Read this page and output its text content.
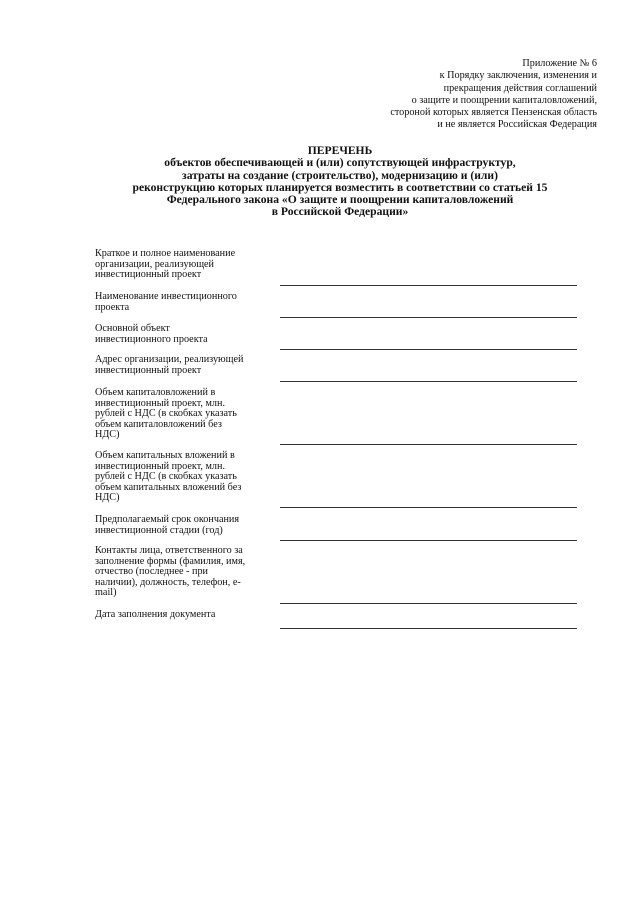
Приложение № 6
к Порядку заключения, изменения и
прекращения действия соглашений
о защите и поощрении капиталовложений,
стороной которых является Пензенская область
и не является Российская Федерация
ПЕРЕЧЕНЬ
объектов обеспечивающей и (или) сопутствующей инфраструктур,
затраты на создание (строительство), модернизацию и (или)
реконструкцию которых планируется возместить в соответствии со статьей 15
Федерального закона «О защите и поощрении капиталовложений
в Российской Федерации»
Краткое и полное наименование
организации, реализующей
инвестиционный проект
Наименование инвестиционного
проекта
Основной объект
инвестиционного проекта
Адрес организации, реализующей
инвестиционный проект
Объем капиталовложений в
инвестиционный проект, млн.
рублей с НДС (в скобках указать
объем капиталовложений без
НДС)
Объем капитальных вложений в
инвестиционный проект, млн.
рублей с НДС (в скобках указать
объем капитальных вложений без
НДС)
Предполагаемый срок окончания
инвестиционной стадии (год)
Контакты лица, ответственного за
заполнение формы (фамилия, имя,
отчество (последнее - при
наличии), должность, телефон, e-
mail)
Дата заполнения документа
